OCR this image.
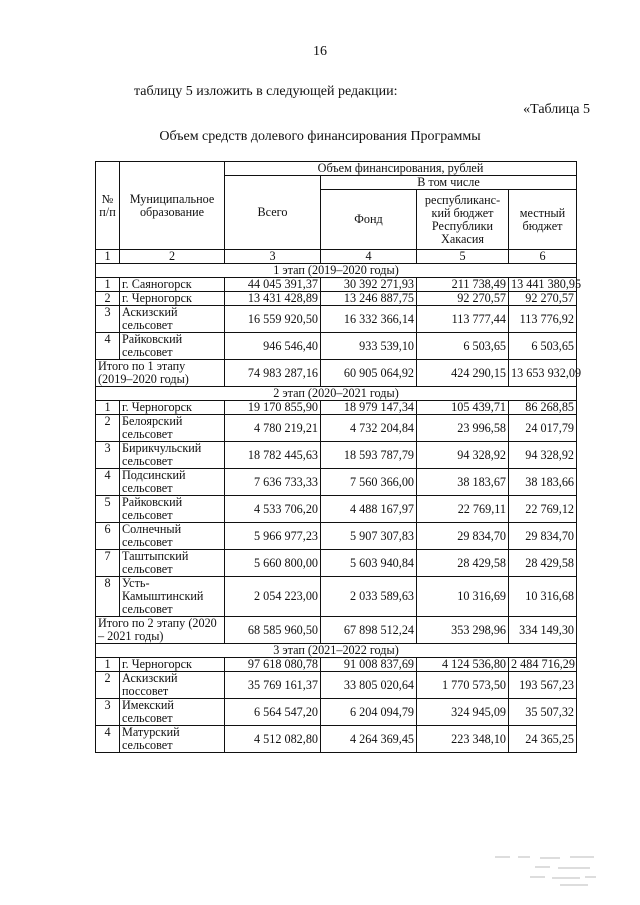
16
таблицу 5 изложить в следующей редакции:
«Таблица 5
Объем средств долевого финансирования Программы
№ п/п	Муниципальное образование	Объем финансирования, рублей			
		Всего	В том числе		
			Фонд	республиканс-кий бюджет Республики Хакасия	местный бюджет
1	2	3	4	5	6
1 этап (2019–2020 годы)					
1	г. Саяногорск	44 045 391,37	30 392 271,93	211 738,49	13 441 380,95
2	г. Черногорск	13 431 428,89	13 246 887,75	92 270,57	92 270,57
3	Аскизский сельсовет	16 559 920,50	16 332 366,14	113 777,44	113 776,92
4	Райковский сельсовет	946 546,40	933 539,10	6 503,65	6 503,65
Итого по 1 этапу (2019–2020 годы)		74 983 287,16	60 905 064,92	424 290,15	13 653 932,09
2 этап (2020–2021 годы)					
1	г. Черногорск	19 170 855,90	18 979 147,34	105 439,71	86 268,85
2	Белоярский сельсовет	4 780 219,21	4 732 204,84	23 996,58	24 017,79
3	Бирикчульский сельсовет	18 782 445,63	18 593 787,79	94 328,92	94 328,92
4	Подсинский сельсовет	7 636 733,33	7 560 366,00	38 183,67	38 183,66
5	Райковский сельсовет	4 533 706,20	4 488 167,97	22 769,11	22 769,12
6	Солнечный сельсовет	5 966 977,23	5 907 307,83	29 834,70	29 834,70
7	Таштыпский сельсовет	5 660 800,00	5 603 940,84	28 429,58	28 429,58
8	Усть-Камыштинский сельсовет	2 054 223,00	2 033 589,63	10 316,69	10 316,68
Итого по 2 этапу (2020 – 2021 годы)		68 585 960,50	67 898 512,24	353 298,96	334 149,30
3 этап (2021–2022 годы)					
1	г. Черногорск	97 618 080,78	91 008 837,69	4 124 536,80	2 484 716,29
2	Аскизский поссовет	35 769 161,37	33 805 020,64	1 770 573,50	193 567,23
3	Имекский сельсовет	6 564 547,20	6 204 094,79	324 945,09	35 507,32
4	Матурский сельсовет	4 512 082,80	4 264 369,45	223 348,10	24 365,25
